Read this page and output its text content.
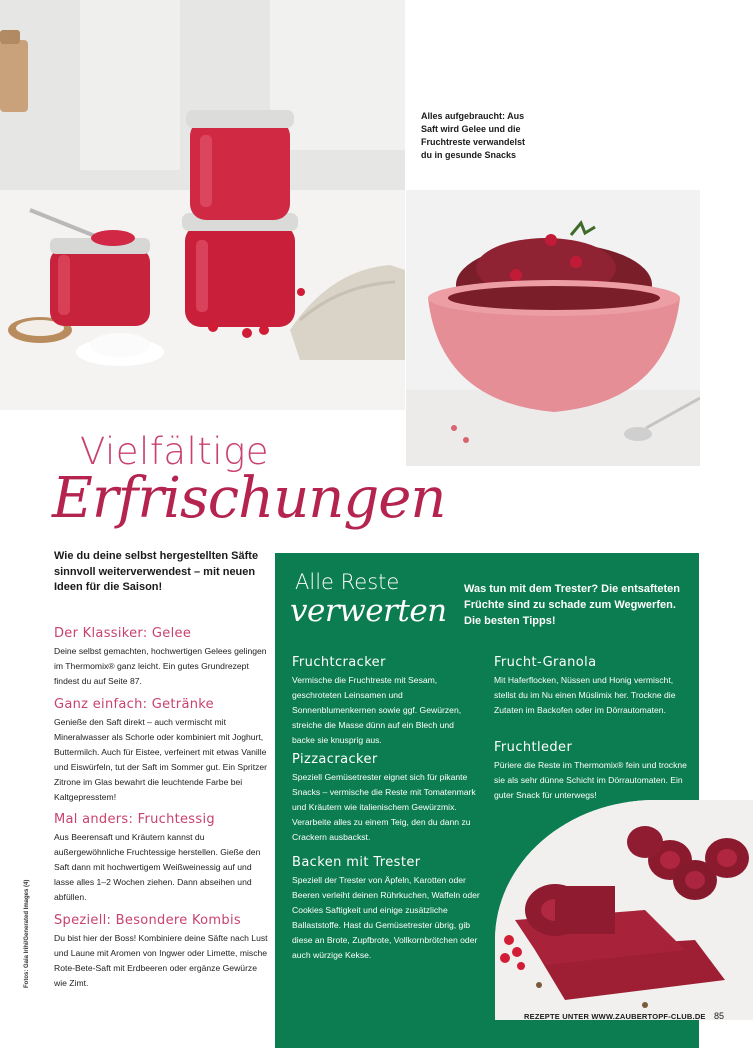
Alles aufgebraucht: Aus Saft wird Gelee und die Fruchtreste verwandelst du in gesunde Snacks
Vielfältige
Erfrischungen
Wie du deine selbst hergestellten Säfte sinnvoll weiterverwendest – mit neuen Ideen für die Saison!
Der Klassiker: Gelee

Deine selbst gemachten, hochwertigen Gelees gelingen im Thermomix® ganz leicht. Ein gutes Grundrezept findest du auf Seite 87.

Ganz einfach: Getränke

Genieße den Saft direkt – auch vermischt mit Mineralwasser als Schorle oder kombiniert mit Joghurt, Buttermilch. Auch für Eistee, verfeinert mit etwas Vanille und Eiswürfeln, tut der Saft im Sommer gut. Ein Spritzer Zitrone im Glas bewahrt die leuchtende Farbe bei Kaltgepresstem!

Mal anders: Fruchtessig

Aus Beerensaft und Kräutern kannst du außergewöhnliche Fruchtessige herstellen. Gieße den Saft dann mit hochwertigem Weißweinessig auf und lasse alles 1–2 Wochen ziehen. Dann abseihen und abfüllen.

Speziell: Besondere Kombis

Du bist hier der Boss! Kombiniere deine Säfte nach Lust und Laune mit Aromen von Ingwer oder Limette, mische Rote-Bete-Saft mit Erdbeeren oder ergänze Gewürze wie Zimt.

Fotos: Gaia Irihi/Generated Images (4)
Alle Reste
verwerten
Was tun mit dem Trester? Die entsafteten Früchte sind zu schade zum Wegwerfen. Die besten Tipps!
Fruchtcracker

Vermische die Fruchtreste mit Sesam, geschroteten Leinsamen und Sonnenblumenkernen sowie ggf. Gewürzen, streiche die Masse dünn auf ein Blech und backe sie knusprig aus.

Pizzacracker

Speziell Gemüsetrester eignet sich für pikante Snacks – vermische die Reste mit Tomatenmark und Kräutern wie italienischem Gewürzmix. Verarbeite alles zu einem Teig, den du dann zu Crackern ausbackst.

Backen mit Trester

Speziell der Trester von Äpfeln, Karotten oder Beeren verleiht deinen Rührkuchen, Waffeln oder Cookies Saftigkeit und einige zusätzliche Ballaststoffe. Hast du Gemüsetrester übrig, gib diese an Brote, Zupfbrote, Vollkornbrötchen oder auch würzige Kekse.

Frucht-Granola

Mit Haferflocken, Nüssen und Honig vermischt, stellst du im Nu einen Müslimix her. Trockne die Zutaten im Backofen oder im Dörrautomaten.

Fruchtleder

Püriere die Reste im Thermomix® fein und trockne sie als sehr dünne Schicht im Dörrautomaten. Ein guter Snack für unterwegs!

REZEPTE UNTER WWW.ZAUBERTOPF-CLUB.DE 85
